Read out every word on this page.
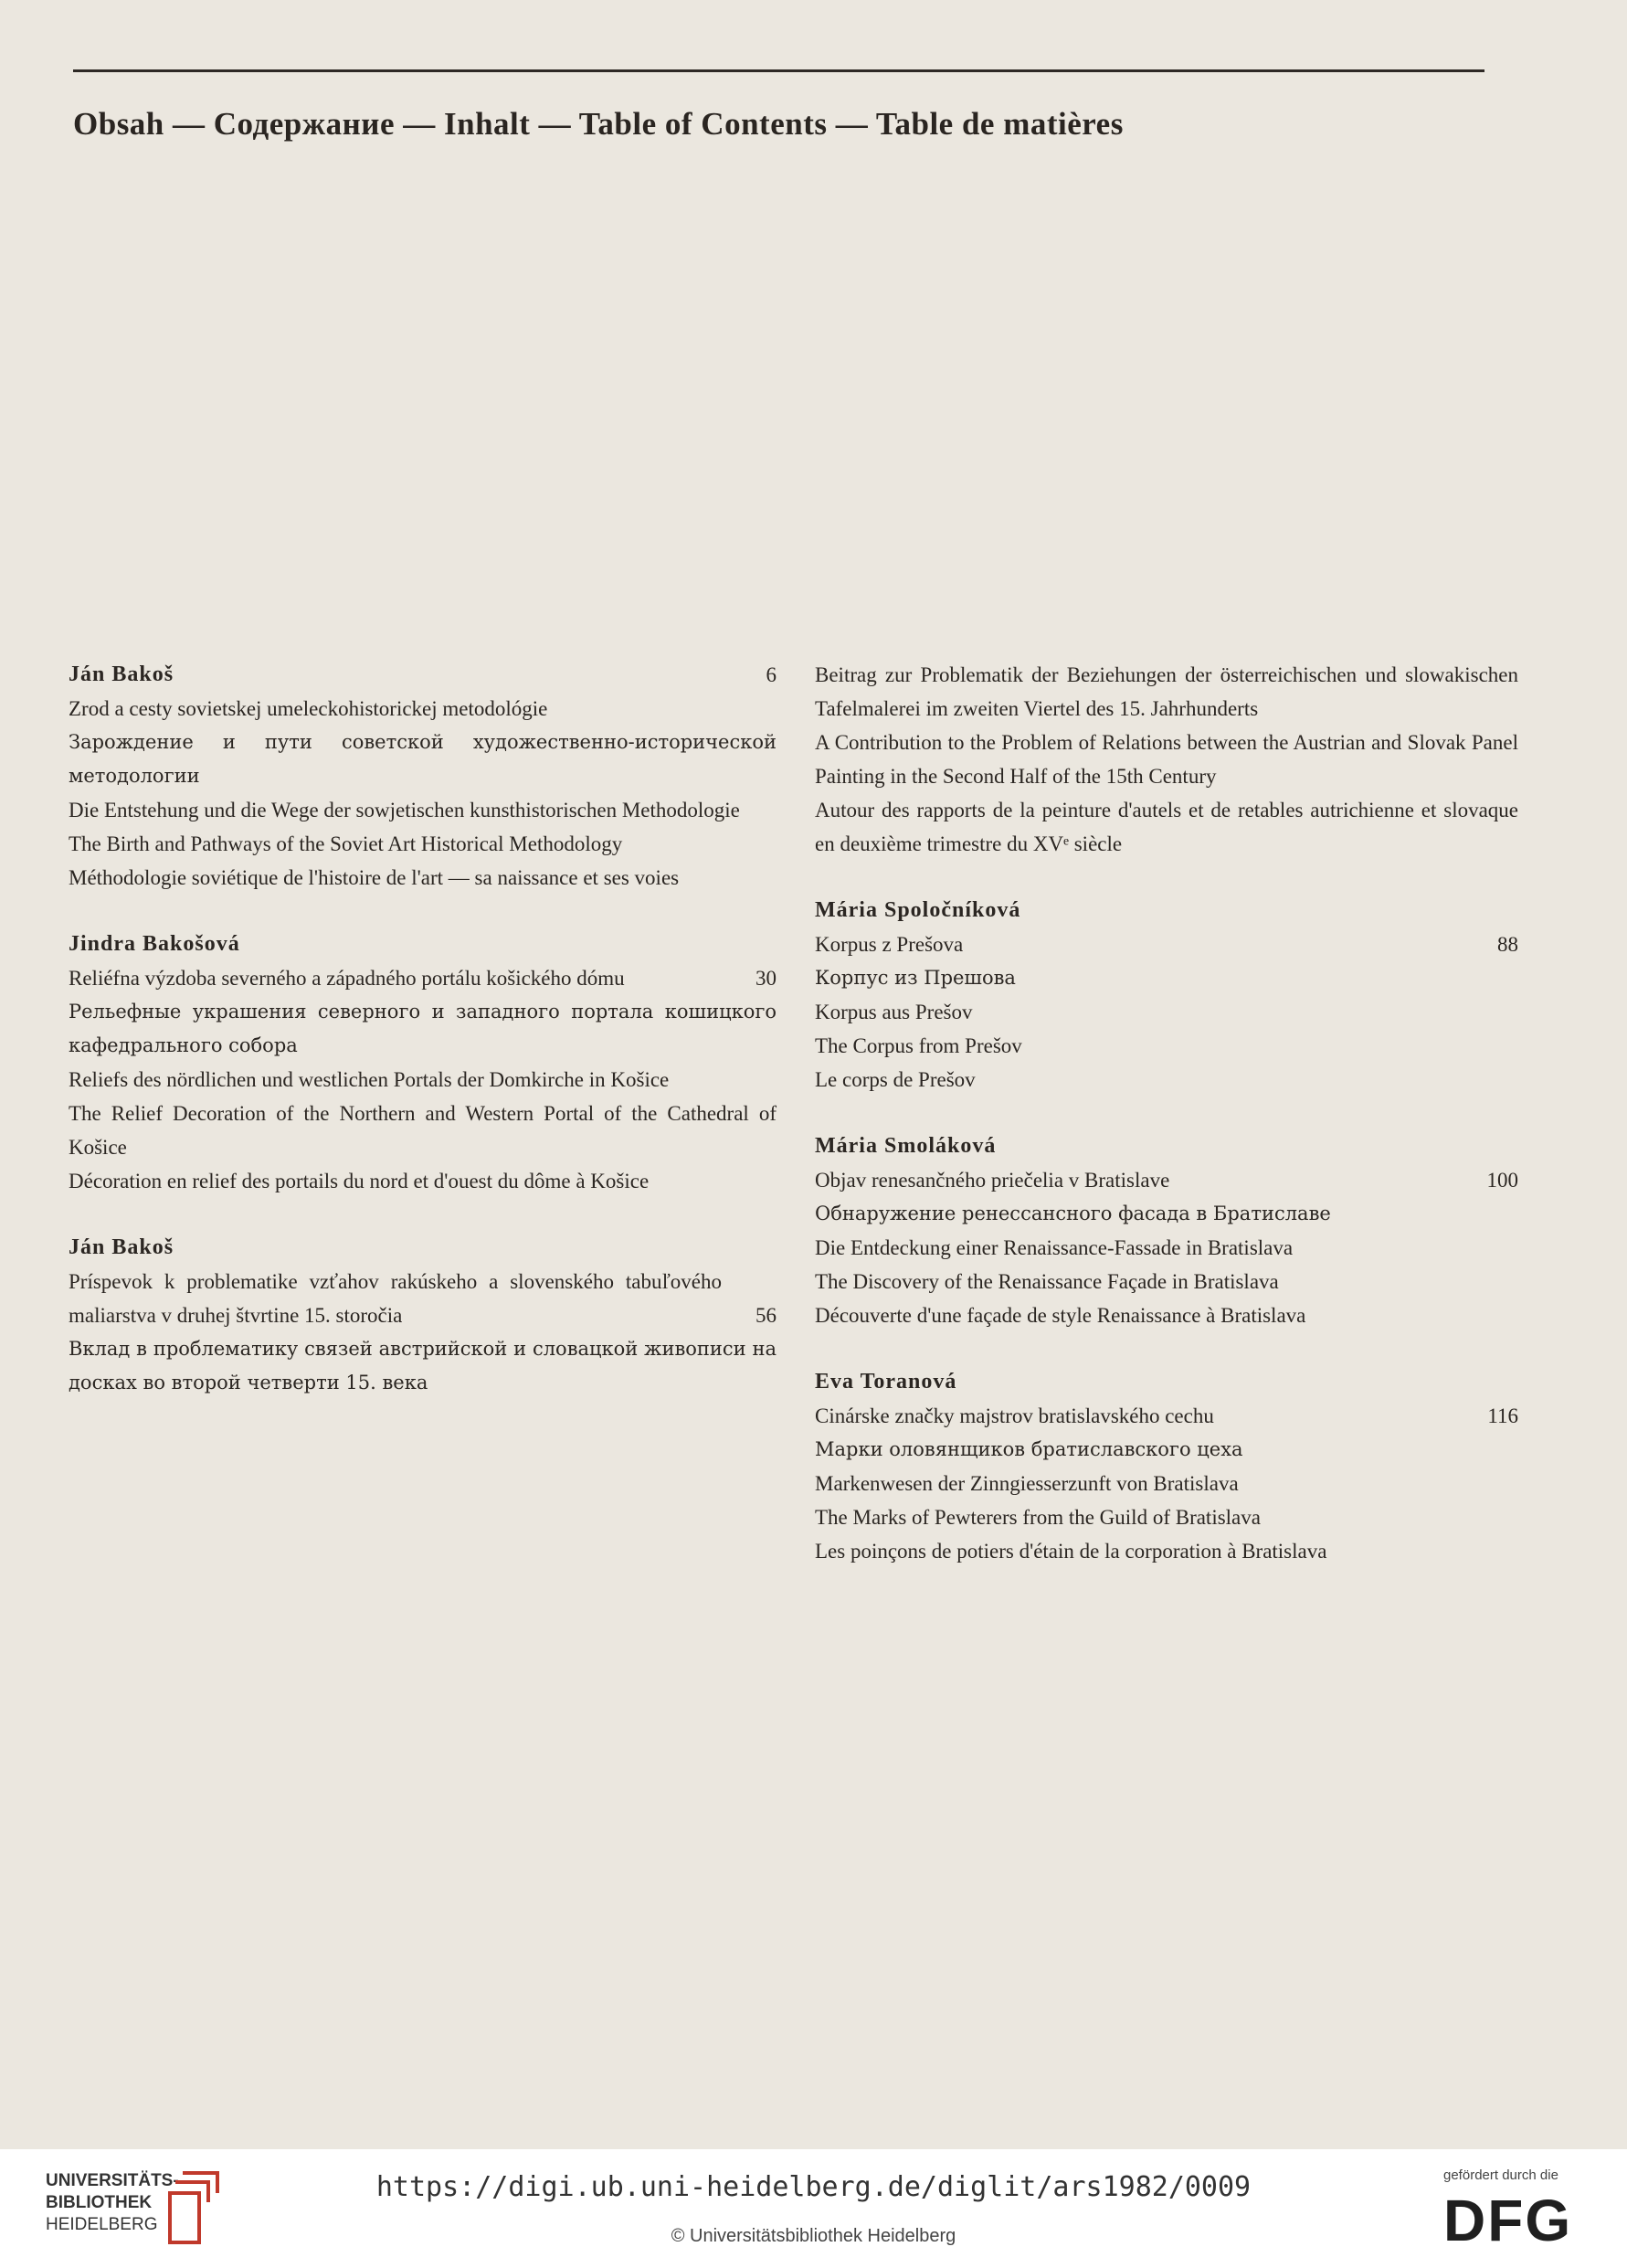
Obsah — Содержание — Inhalt — Table of Contents — Table de matières
6
Ján Bakoš
Zrod a cesty sovietskej umeleckohistorickej metodológie
Зарождение и пути советской художественно-исторической методологии
Die Entstehung und die Wege der sowjetischen kunsthistorischen Methodologie
The Birth and Pathways of the Soviet Art Historical Methodology
Méthodologie soviétique de l'histoire de l'art — sa naissance et ses voies
Jindra Bakošová
Reliéfna výzdoba severného a západného portálu košického dómu	30
Рельефные украшения северного и западного портала кошицкого кафедрального собора
Reliefs des nördlichen und westlichen Portals der Domkirche in Košice
The Relief Decoration of the Northern and Western Portal of the Cathedral of Košice
Décoration en relief des portails du nord et d'ouest du dôme à Košice
Ján Bakoš
Príspevok k problematike vzťahov rakúskeho a slovenského tabuľového maliarstva v druhej štvrtine 15. storočia	56
Вклад в проблематику связей австрийской и словацкой живописи на досках во второй четверти 15. века
Beitrag zur Problematik der Beziehungen der österreichischen und slowakischen Tafelmalerei im zweiten Viertel des 15. Jahrhunderts
A Contribution to the Problem of Relations between the Austrian and Slovak Panel Painting in the Second Half of the 15th Century
Autour des rapports de la peinture d'autels et de retables autrichienne et slovaque en deuxième trimestre du XVᵉ siècle
Mária Spoločníková
88
Korpus z Prešova
Корпус из Прешова
Korpus aus Prešov
The Corpus from Prešov
Le corps de Prešov
Mária Smoláková
100
Objav renesančného priečelia v Bratislave
Обнаружение ренессансного фасада в Братиславе
Die Entdeckung einer Renaissance-Fassade in Bratislava
The Discovery of the Renaissance Façade in Bratislava
Découverte d'une façade de style Renaissance à Bratislava
Eva Toranová
116
Cinárske značky majstrov bratislavského cechu
Марки оловянщиков братиславского цеха
Markenwesen der Zinngiesserzunft von Bratislava
The Marks of Pewterers from the Guild of Bratislava
Les poinçons de potiers d'étain de la corporation à Bratislava
UNIVERSITÄTS-
BIBLIOTHEK
HEIDELBERG
https://digi.ub.uni-heidelberg.de/diglit/ars1982/0009
© Universitätsbibliothek Heidelberg
gefördert durch die
DFG
